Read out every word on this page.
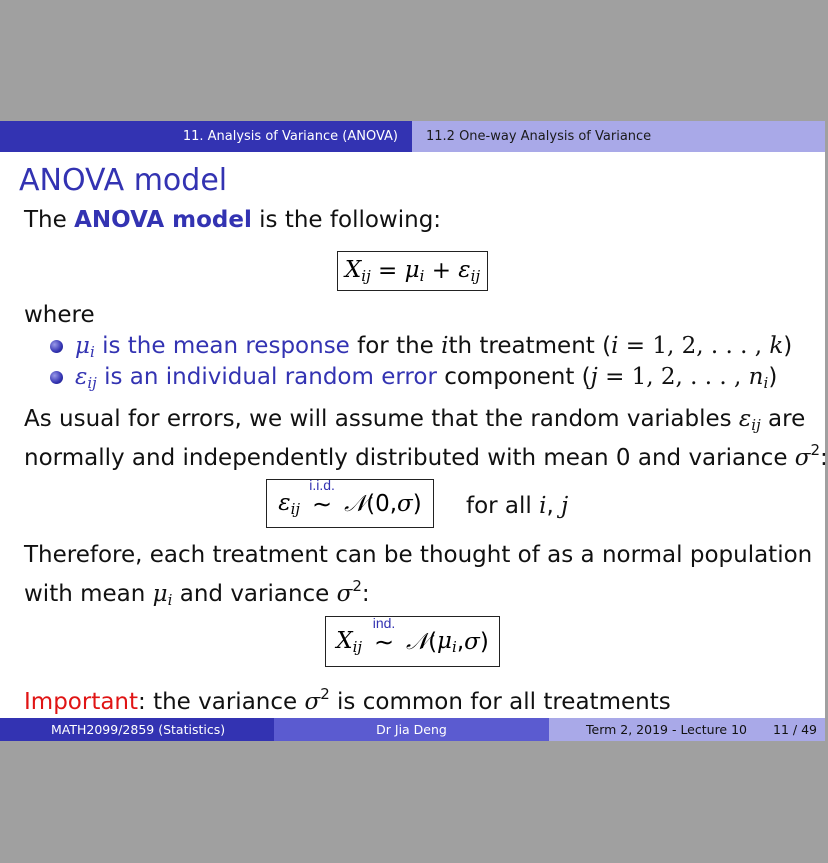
11. Analysis of Variance (ANOVA)	11.2 One-way Analysis of Variance
ANOVA model
The ANOVA model is the following:
$X_{ij}$
=
$\mu_i$
+
$\varepsilon_{ij}$
where
$\mu_i$ is the mean response for the ith treatment (i = 1, 2, . . . , k)
$\varepsilon_{ij}$ is an individual random error component (j = 1, 2, . . . , $n_i$)
As usual for errors, we will assume that the random variables $\varepsilon_{ij}$ are
normally and independently distributed with mean 0 and variance $\sigma^2$:
$\varepsilon_{ij}$
i.i.d.
∼ 𝒩 (0, σ )	for all i, j
Therefore, each treatment can be thought of as a normal population
with mean $\mu_i$ and variance $\sigma^2$:
$X_{ij}$
ind.
∼ 𝒩 ( $\mu_i$ , σ )
Important: the variance $\sigma^2$ is common for all treatments
MATH2099/2859 (Statistics)	Dr Jia Deng	Term 2, 2019 - Lecture 10 11 / 49
